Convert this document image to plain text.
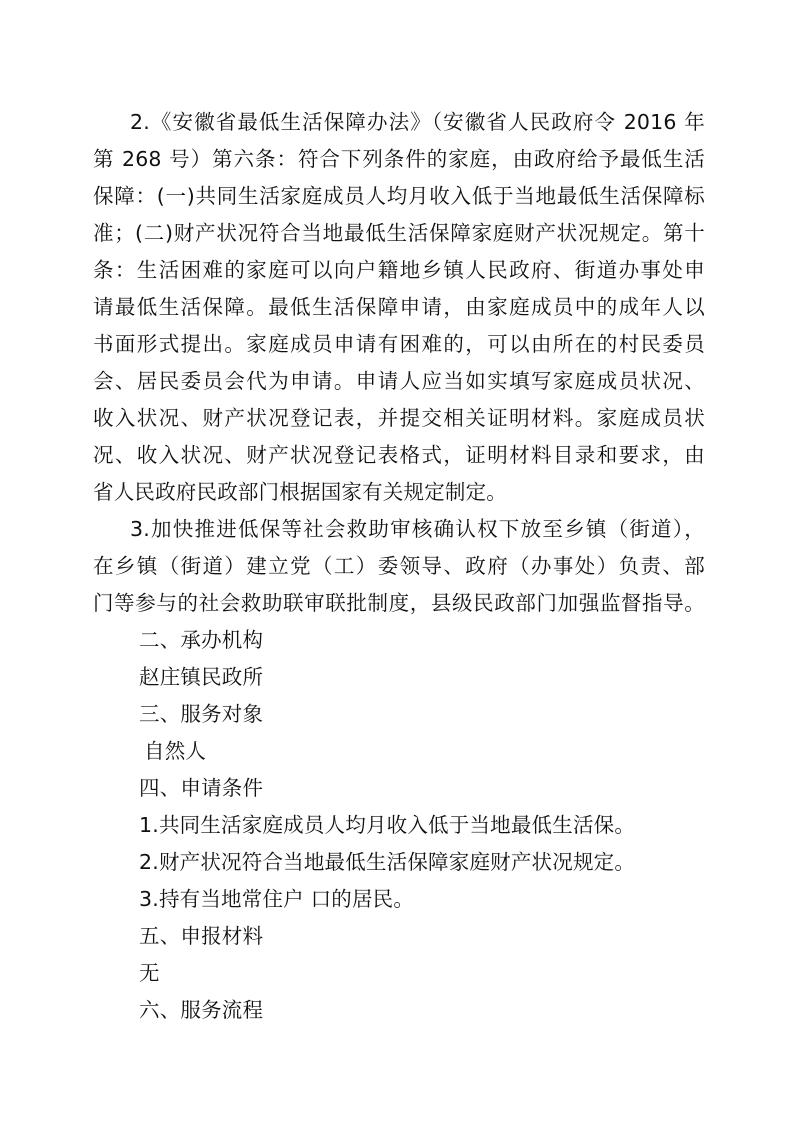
2.《安徽省最低生活保障办法》（安徽省人民政府令 2016 年
第 268 号）第六条：符合下列条件的家庭，由政府给予最低生活
保障：(一)共同生活家庭成员人均月收入低于当地最低生活保障标
准；(二)财产状况符合当地最低生活保障家庭财产状况规定。第十
条：生活困难的家庭可以向户籍地乡镇人民政府、街道办事处申
请最低生活保障。最低生活保障申请，由家庭成员中的成年人以
书面形式提出。家庭成员申请有困难的，可以由所在的村民委员
会、居民委员会代为申请。申请人应当如实填写家庭成员状况、
收入状况、财产状况登记表，并提交相关证明材料。家庭成员状
况、收入状况、财产状况登记表格式，证明材料目录和要求，由
省人民政府民政部门根据国家有关规定制定。
3.加快推进低保等社会救助审核确认权下放至乡镇（街道），
在乡镇（街道）建立党（工）委领导、政府（办事处）负责、部
门等参与的社会救助联审联批制度，县级民政部门加强监督指导。
二、承办机构
赵庄镇民政所
三、服务对象
自然人
四、申请条件
1.共同生活家庭成员人均月收入低于当地最低生活保。
2.财产状况符合当地最低生活保障家庭财产状况规定。
3.持有当地常住户 口的居民。
五、申报材料
无
六、服务流程
